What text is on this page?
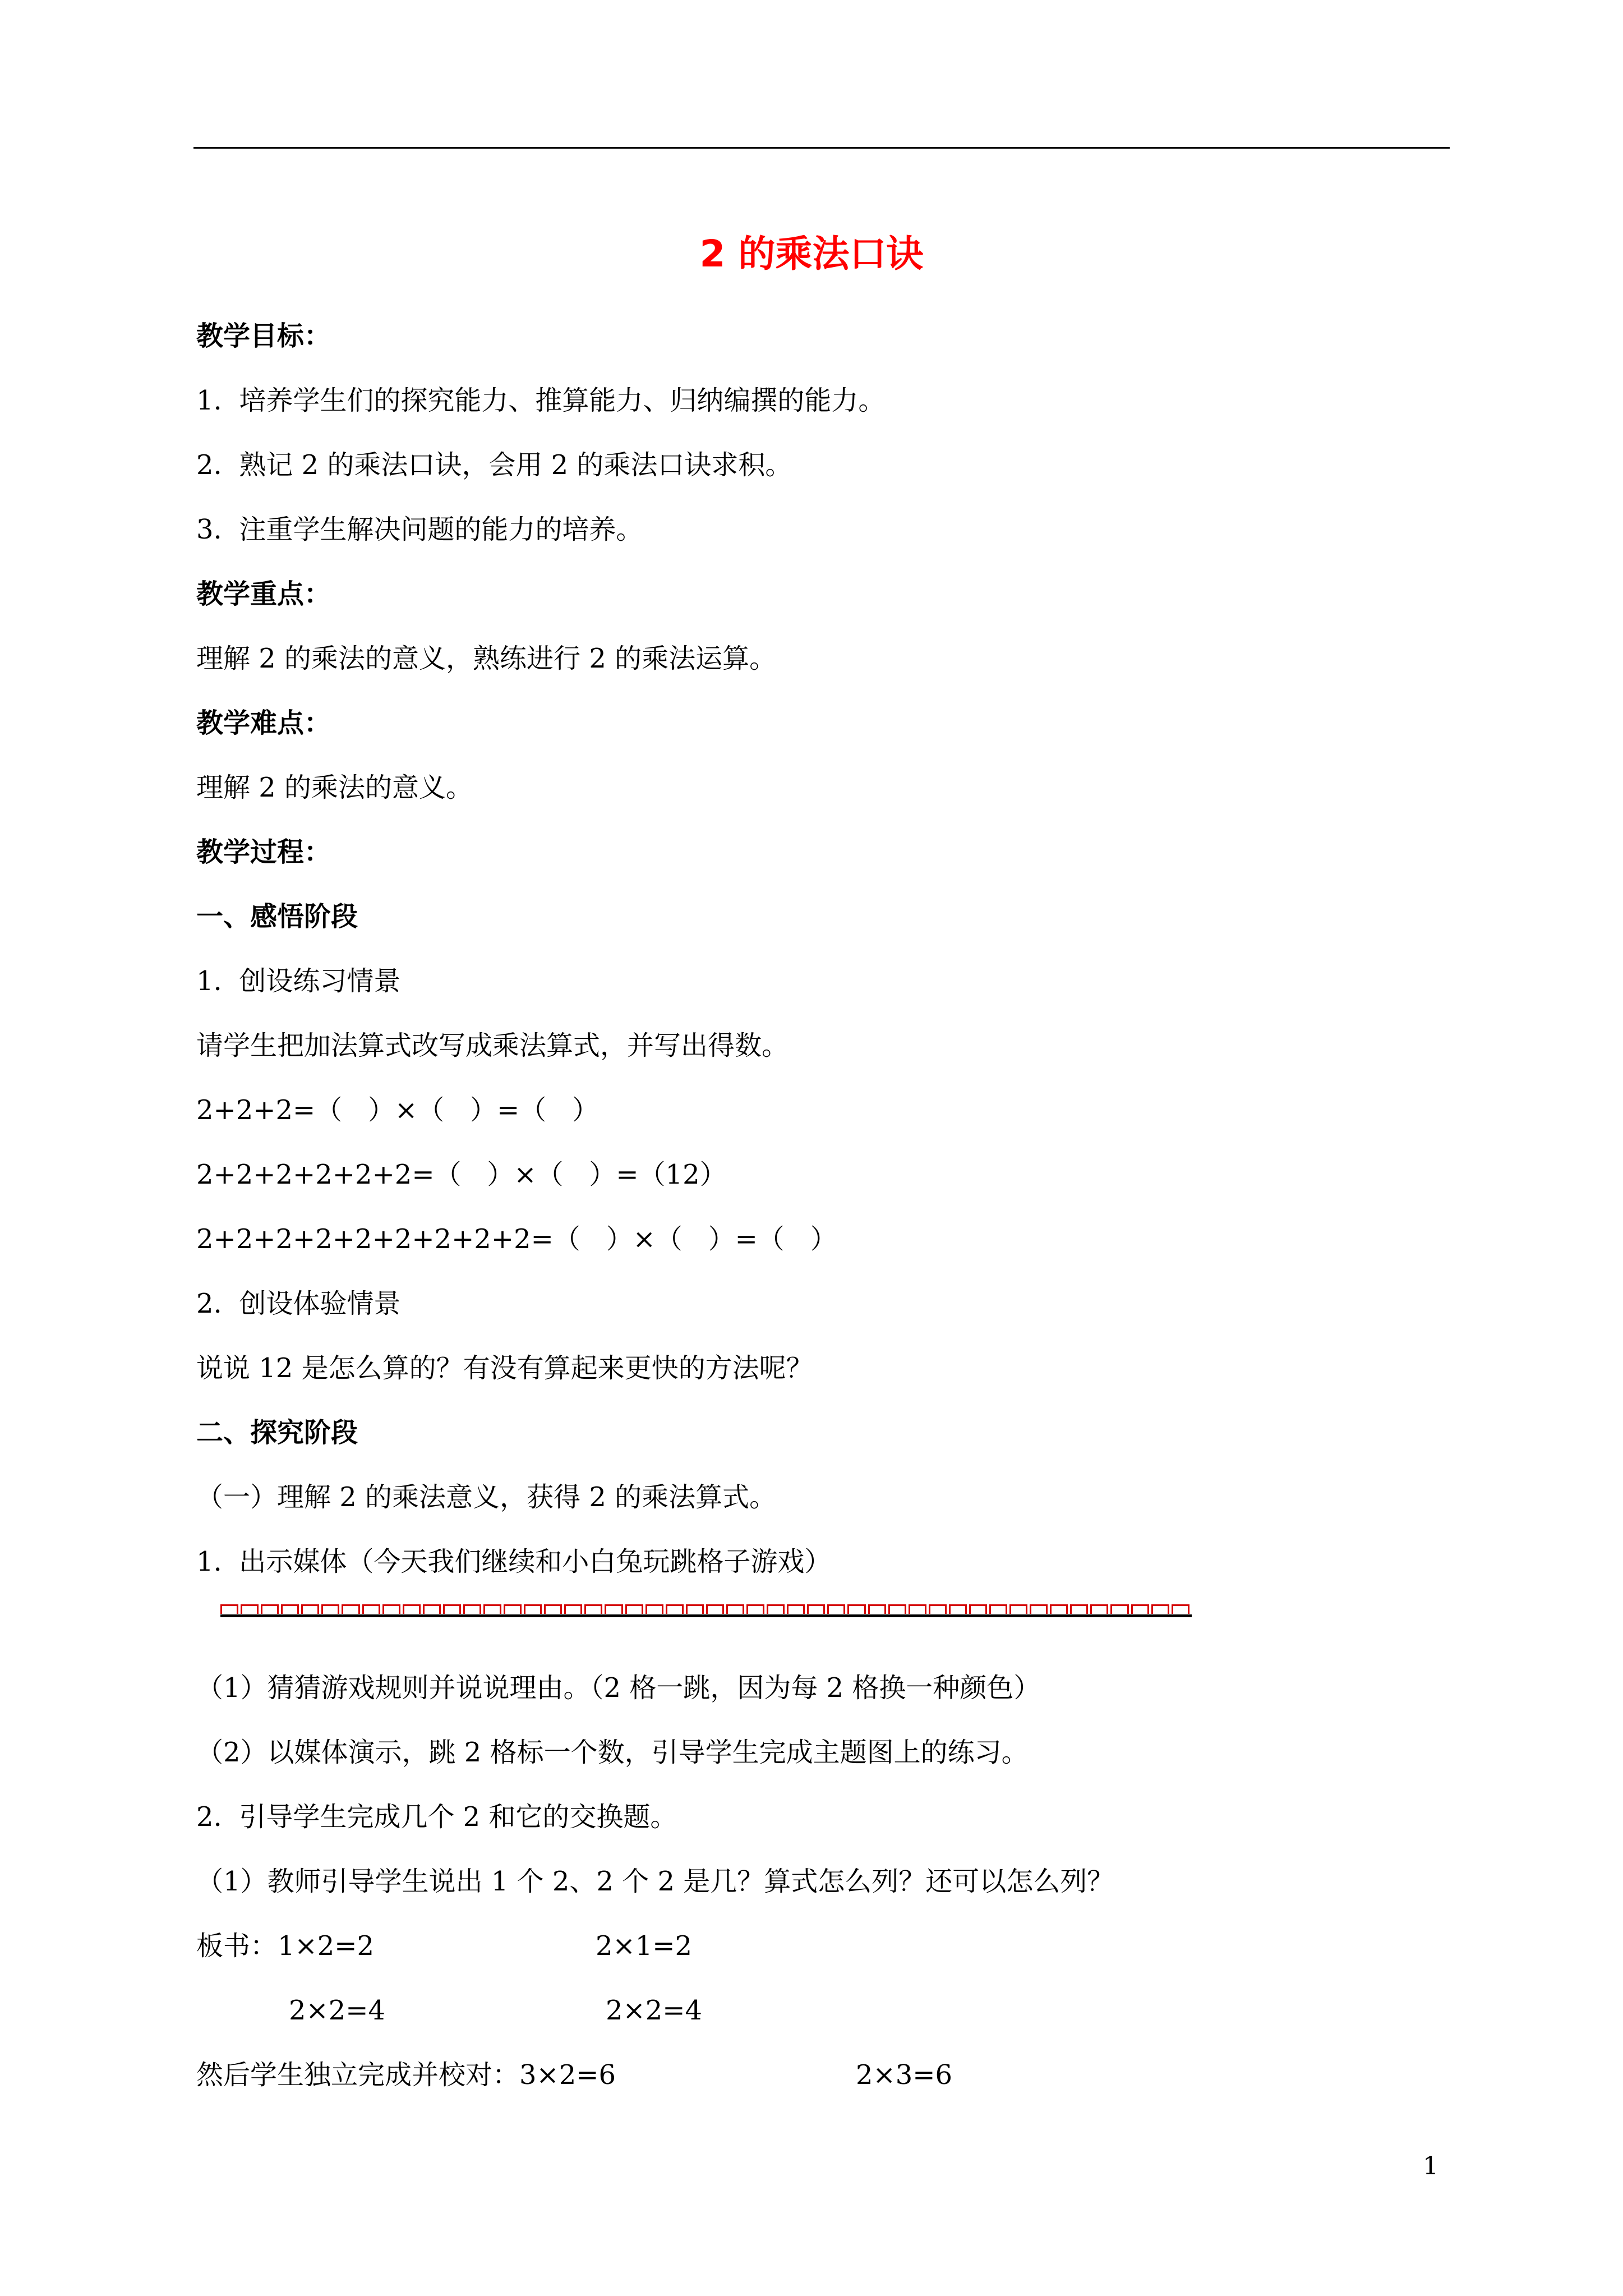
2 的乘法口诀
教学目标：
1.  培养学生们的探究能力、推算能力、归纳编撰的能力。
2.  熟记 2 的乘法口诀，会用 2 的乘法口诀求积。
3.  注重学生解决问题的能力的培养。
教学重点：
理解 2 的乘法的意义，熟练进行 2 的乘法运算。
教学难点：
理解 2 的乘法的意义。
教学过程：
一、感悟阶段
1.  创设练习情景
请学生把加法算式改写成乘法算式，并写出得数。
2+2+2=（   ）×（   ）=（   ）
2+2+2+2+2+2=（   ）×（   ）=（12）
2+2+2+2+2+2+2+2+2=（   ）×（   ）=（   ）
2.  创设体验情景
说说 12 是怎么算的？有没有算起来更快的方法呢？
二、探究阶段
（一）理解 2 的乘法意义，获得 2 的乘法算式。
1.  出示媒体（今天我们继续和小白兔玩跳格子游戏）
（1）猜猜游戏规则并说说理由。（2 格一跳，因为每 2 格换一种颜色）
（2）以媒体演示，跳 2 格标一个数，引导学生完成主题图上的练习。
2.  引导学生完成几个 2 和它的交换题。
（1）教师引导学生说出 1 个 2、2 个 2 是几？算式怎么列？还可以怎么列？
板书： 1×2=2	2×1=2
2×2=4	2×2=4
然后学生独立完成并校对：3×2=6	2×3=6
1
